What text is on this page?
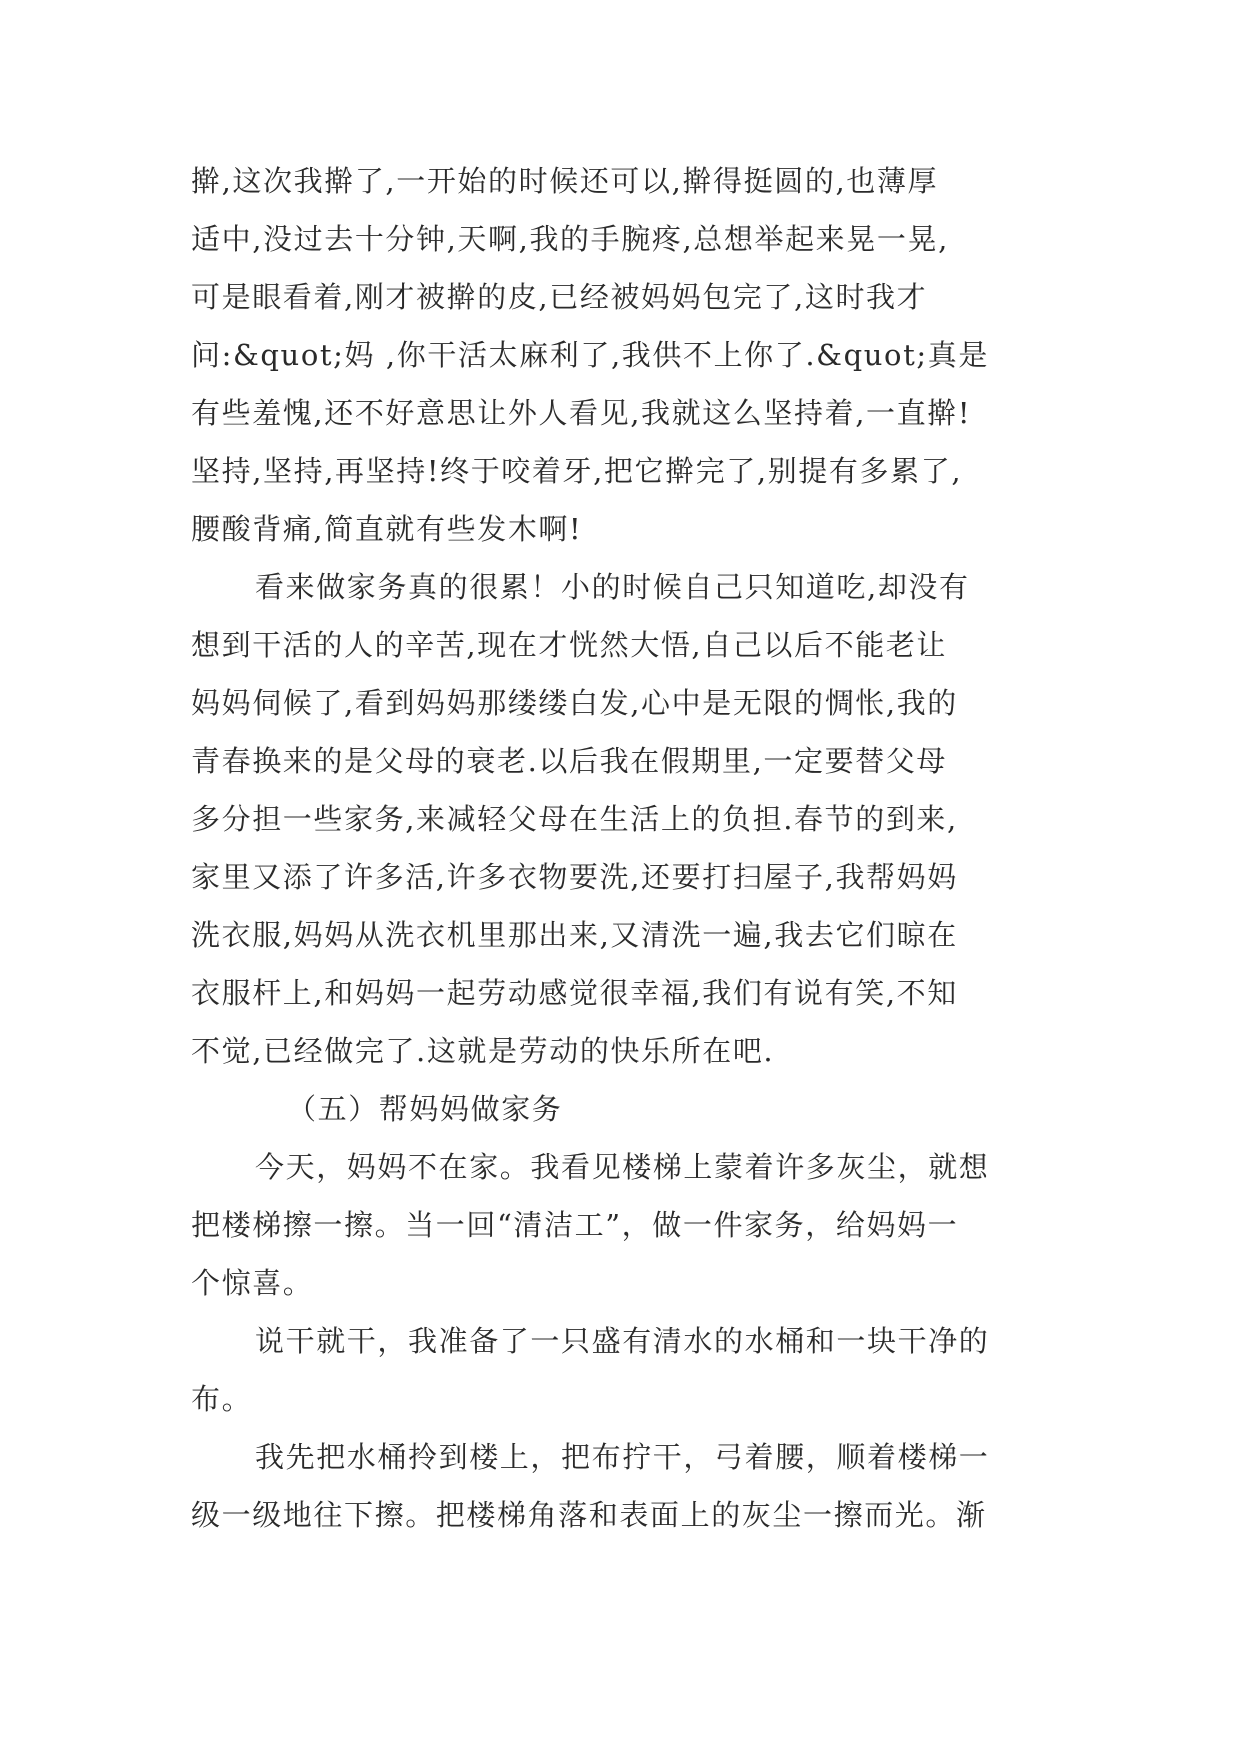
擀,这次我擀了,一开始的时候还可以,擀得挺圆的,也薄厚
适中,没过去十分钟,天啊,我的手腕疼,总想举起来晃一晃,
可是眼看着,刚才被擀的皮,已经被妈妈包完了,这时我才
问:&quot;妈 ,你干活太麻利了,我供不上你了.&quot;真是
有些羞愧,还不好意思让外人看见,我就这么坚持着,一直擀!
坚持,坚持,再坚持!终于咬着牙,把它擀完了,别提有多累了,
腰酸背痛,简直就有些发木啊!
看来做家务真的很累！小的时候自己只知道吃,却没有
想到干活的人的辛苦,现在才恍然大悟,自己以后不能老让
妈妈伺候了,看到妈妈那缕缕白发,心中是无限的惆怅,我的
青春换来的是父母的衰老.以后我在假期里,一定要替父母
多分担一些家务,来减轻父母在生活上的负担.春节的到来,
家里又添了许多活,许多衣物要洗,还要打扫屋子,我帮妈妈
洗衣服,妈妈从洗衣机里那出来,又清洗一遍,我去它们晾在
衣服杆上,和妈妈一起劳动感觉很幸福,我们有说有笑,不知
不觉,已经做完了.这就是劳动的快乐所在吧.
（五）帮妈妈做家务
今天，妈妈不在家。我看见楼梯上蒙着许多灰尘，就想
把楼梯擦一擦。当一回“清洁工”，做一件家务，给妈妈一
个惊喜。
说干就干，我准备了一只盛有清水的水桶和一块干净的
布。
我先把水桶拎到楼上，把布拧干，弓着腰，顺着楼梯一
级一级地往下擦。把楼梯角落和表面上的灰尘一擦而光。渐
